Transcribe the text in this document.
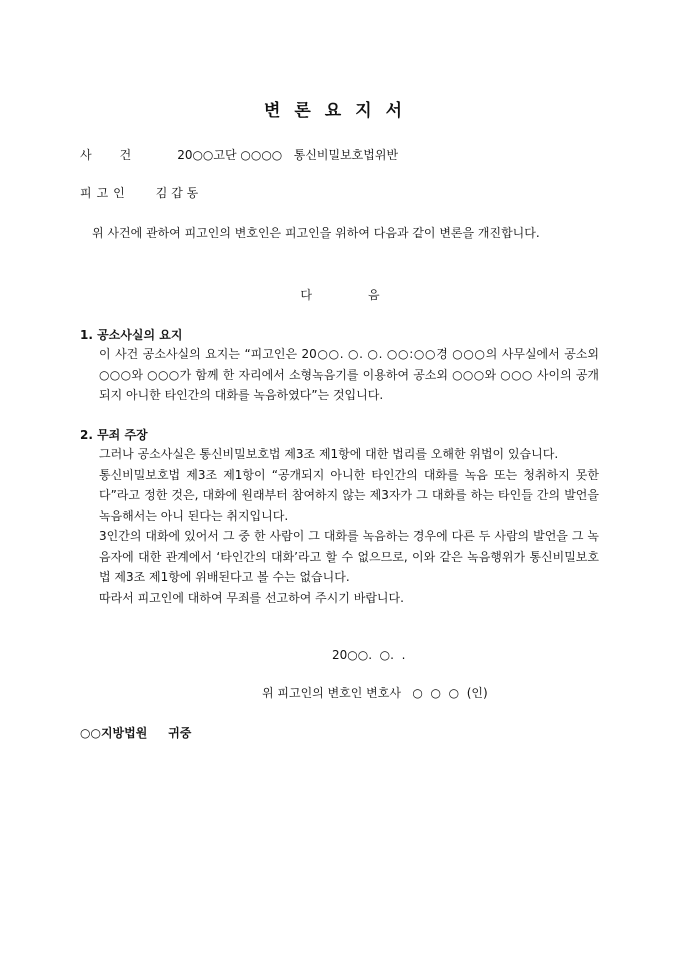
변론요지서
사건 20○○고단 ○○○○   통신비밀보호법위반
피고인 김 갑 동
위 사건에 관하여 피고인의 변호인은 피고인을 위하여 다음과 같이 변론을 개진합니다.
다음
1. 공소사실의 요지

이 사건 공소사실의 요지는 “피고인은 20○○. ○. ○. ○○:○○경 ○○○의 사무실에서 공소외 ○○○와 ○○○가 함께 한 자리에서 소형녹음기를 이용하여 공소외 ○○○와 ○○○ 사이의 공개되지 아니한 타인간의 대화를 녹음하였다”는 것입니다.

2. 무죄 주장

그러나 공소사실은 통신비밀보호법 제3조 제1항에 대한 법리를 오해한 위법이 있습니다.

통신비밀보호법 제3조 제1항이 “공개되지 아니한 타인간의 대화를 녹음 또는 청취하지 못한다”라고 정한 것은, 대화에 원래부터 참여하지 않는 제3자가 그 대화를 하는 타인들 간의 발언을 녹음해서는 아니 된다는 취지입니다.

3인간의 대화에 있어서 그 중 한 사람이 그 대화를 녹음하는 경우에 다른 두 사람의 발언을 그 녹음자에 대한 관계에서 ‘타인간의 대화’라고 할 수 없으므로, 이와 같은 녹음행위가 통신비밀보호법 제3조 제1항에 위배된다고 볼 수는 없습니다.

따라서 피고인에 대하여 무죄를 선고하여 주시기 바랍니다.

20○○.  ○.  .
위 피고인의 변호인 변호사   ○  ○  ○  (인)
○○지방법원     귀중
